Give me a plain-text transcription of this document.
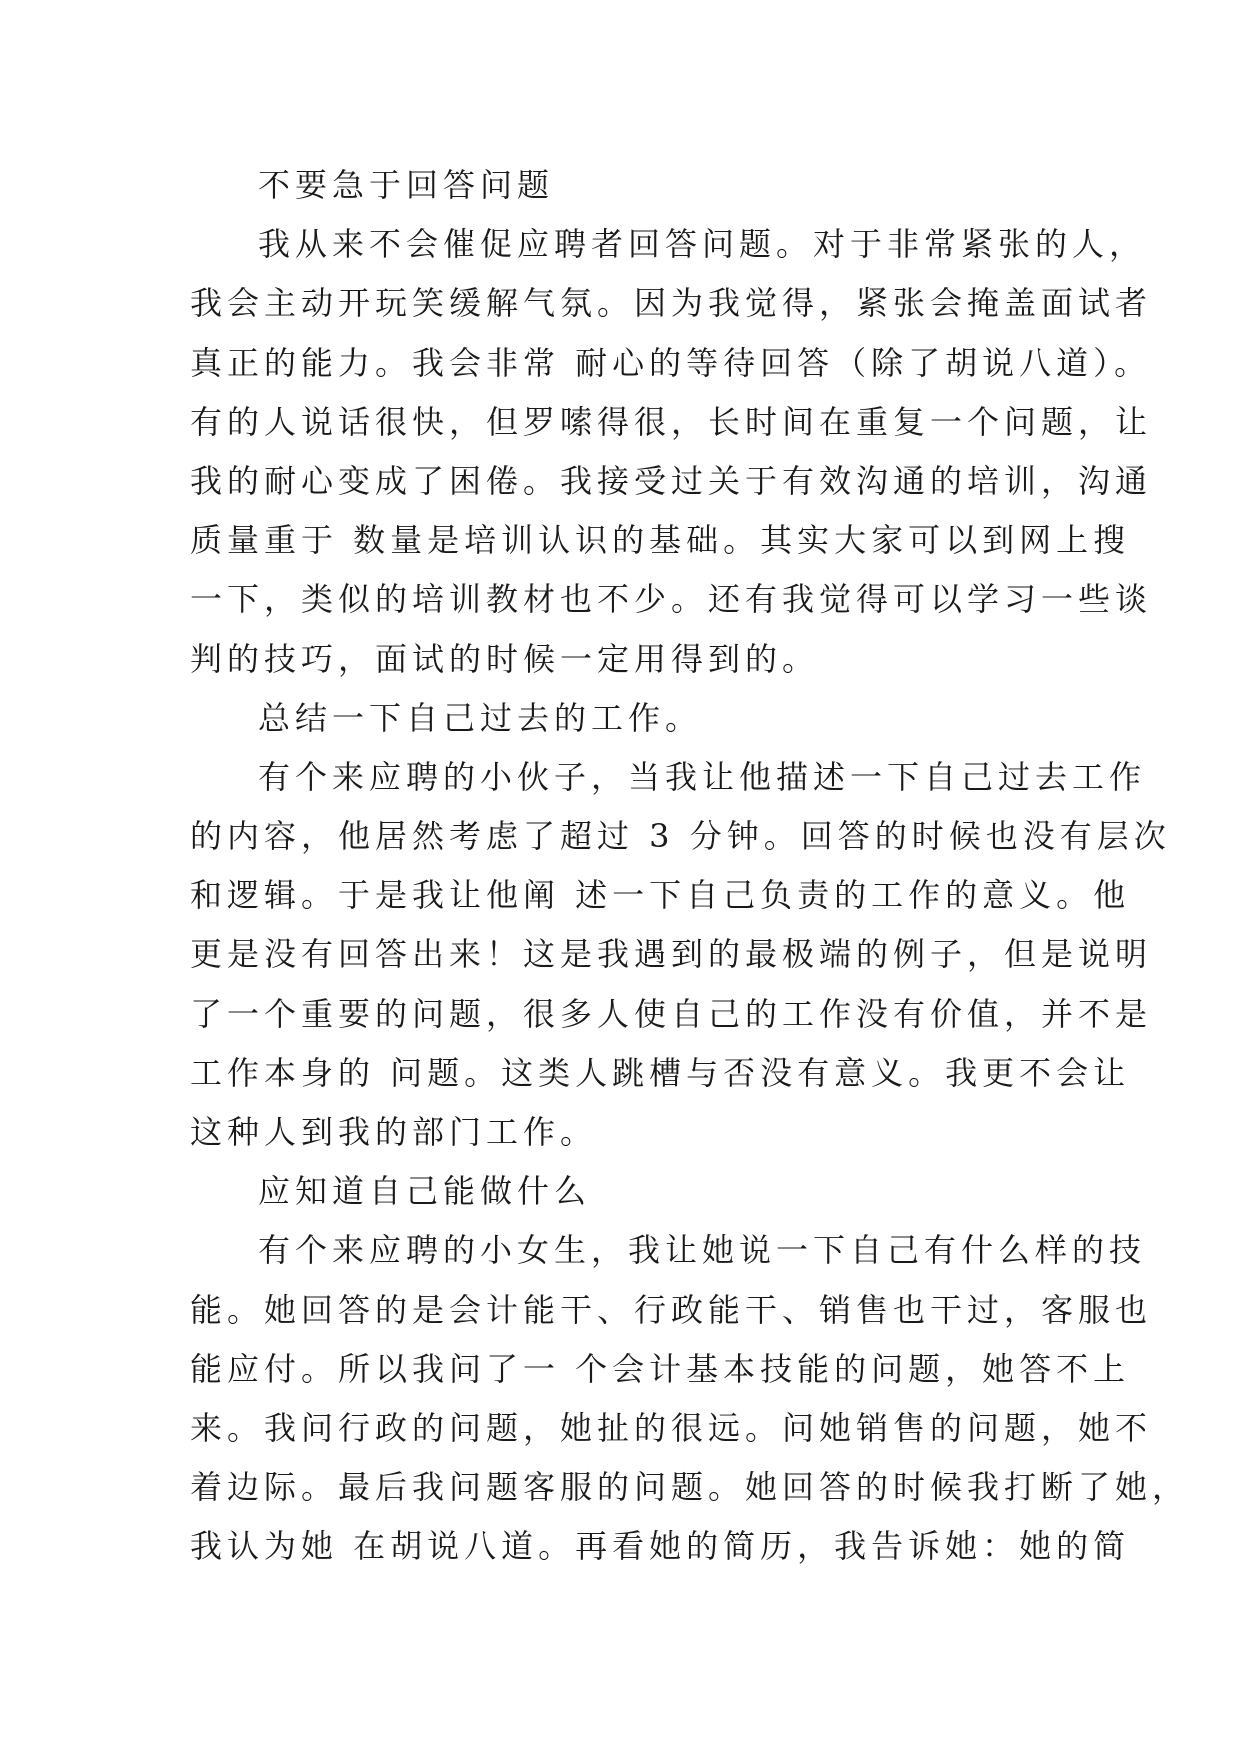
不要急于回答问题
我从来不会催促应聘者回答问题。对于非常紧张的人，
我会主动开玩笑缓解气氛。因为我觉得，紧张会掩盖面试者
真正的能力。我会非常 耐心的等待回答（除了胡说八道）。
有的人说话很快，但罗嗦得很，长时间在重复一个问题，让
我的耐心变成了困倦。我接受过关于有效沟通的培训，沟通
质量重于 数量是培训认识的基础。其实大家可以到网上搜
一下，类似的培训教材也不少。还有我觉得可以学习一些谈
判的技巧，面试的时候一定用得到的。
总结一下自己过去的工作。
有个来应聘的小伙子，当我让他描述一下自己过去工作
的内容，他居然考虑了超过 3 分钟。回答的时候也没有层次
和逻辑。于是我让他阐 述一下自己负责的工作的意义。他
更是没有回答出来！这是我遇到的最极端的例子，但是说明
了一个重要的问题，很多人使自己的工作没有价值，并不是
工作本身的 问题。这类人跳槽与否没有意义。我更不会让
这种人到我的部门工作。
应知道自己能做什么
有个来应聘的小女生，我让她说一下自己有什么样的技
能。她回答的是会计能干、行政能干、销售也干过，客服也
能应付。所以我问了一 个会计基本技能的问题，她答不上
来。我问行政的问题，她扯的很远。问她销售的问题，她不
着边际。最后我问题客服的问题。她回答的时候我打断了她，
我认为她 在胡说八道。再看她的简历，我告诉她：她的简
